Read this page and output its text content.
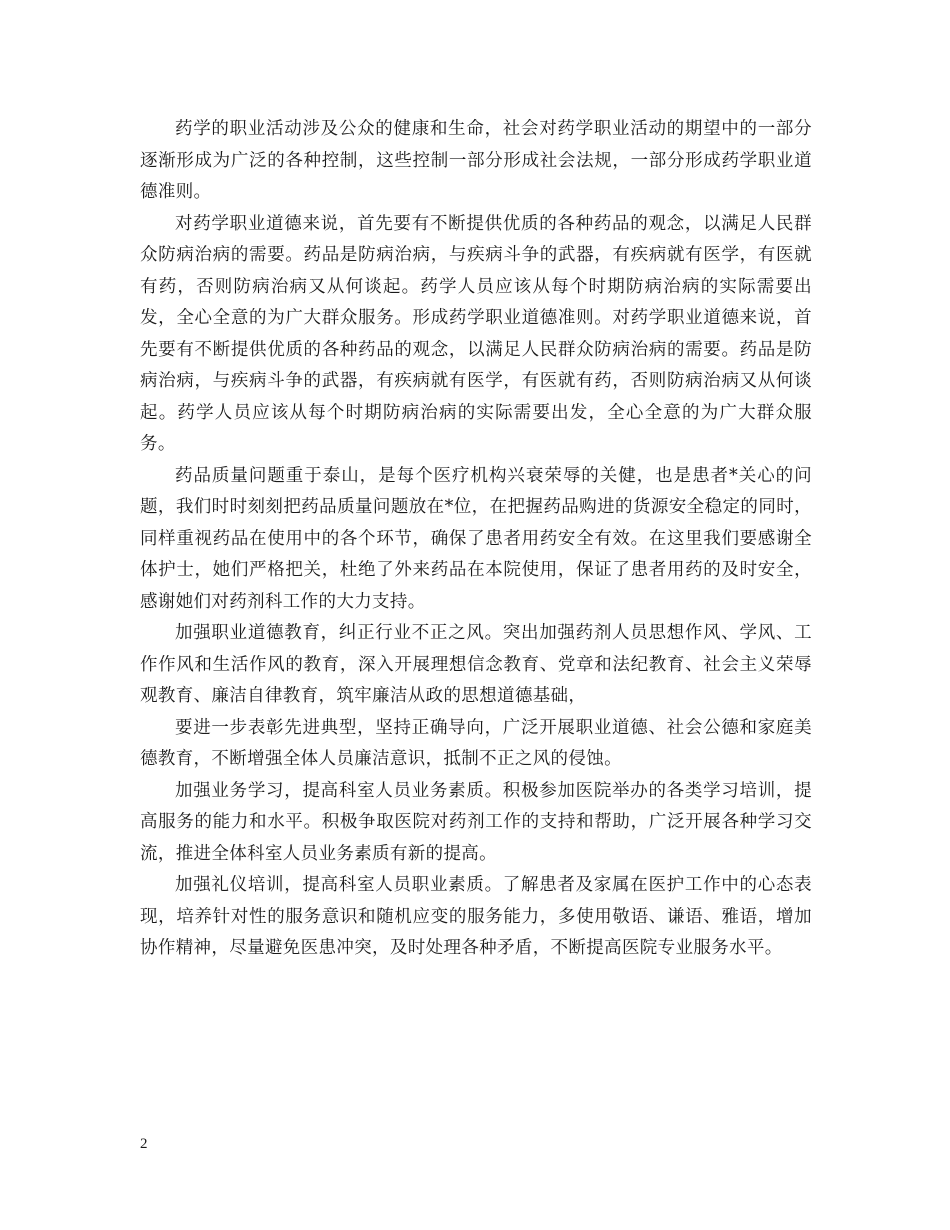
药学的职业活动涉及公众的健康和生命，社会对药学职业活动的期望中的一部分逐渐形成为广泛的各种控制，这些控制一部分形成社会法规，一部分形成药学职业道德准则。

对药学职业道德来说，首先要有不断提供优质的各种药品的观念，以满足人民群众防病治病的需要。药品是防病治病，与疾病斗争的武器，有疾病就有医学，有医就有药，否则防病治病又从何谈起。药学人员应该从每个时期防病治病的实际需要出发，全心全意的为广大群众服务。形成药学职业道德准则。对药学职业道德来说，首先要有不断提供优质的各种药品的观念，以满足人民群众防病治病的需要。药品是防病治病，与疾病斗争的武器，有疾病就有医学，有医就有药，否则防病治病又从何谈起。药学人员应该从每个时期防病治病的实际需要出发，全心全意的为广大群众服务。

药品质量问题重于泰山，是每个医疗机构兴衰荣辱的关健，也是患者*关心的问题，我们时时刻刻把药品质量问题放在*位，在把握药品购进的货源安全稳定的同时，同样重视药品在使用中的各个环节，确保了患者用药安全有效。在这里我们要感谢全体护士，她们严格把关，杜绝了外来药品在本院使用，保证了患者用药的及时安全，感谢她们对药剂科工作的大力支持。

加强职业道德教育，纠正行业不正之风。突出加强药剂人员思想作风、学风、工作作风和生活作风的教育，深入开展理想信念教育、党章和法纪教育、社会主义荣辱观教育、廉洁自律教育，筑牢廉洁从政的思想道德基础，

要进一步表彰先进典型，坚持正确导向，广泛开展职业道德、社会公德和家庭美德教育，不断增强全体人员廉洁意识，抵制不正之风的侵蚀。

加强业务学习，提高科室人员业务素质。积极参加医院举办的各类学习培训，提高服务的能力和水平。积极争取医院对药剂工作的支持和帮助，广泛开展各种学习交流，推进全体科室人员业务素质有新的提高。

加强礼仪培训，提高科室人员职业素质。了解患者及家属在医护工作中的心态表现，培养针对性的服务意识和随机应变的服务能力，多使用敬语、谦语、雅语，增加协作精神，尽量避免医患冲突，及时处理各种矛盾，不断提高医院专业服务水平。

2
